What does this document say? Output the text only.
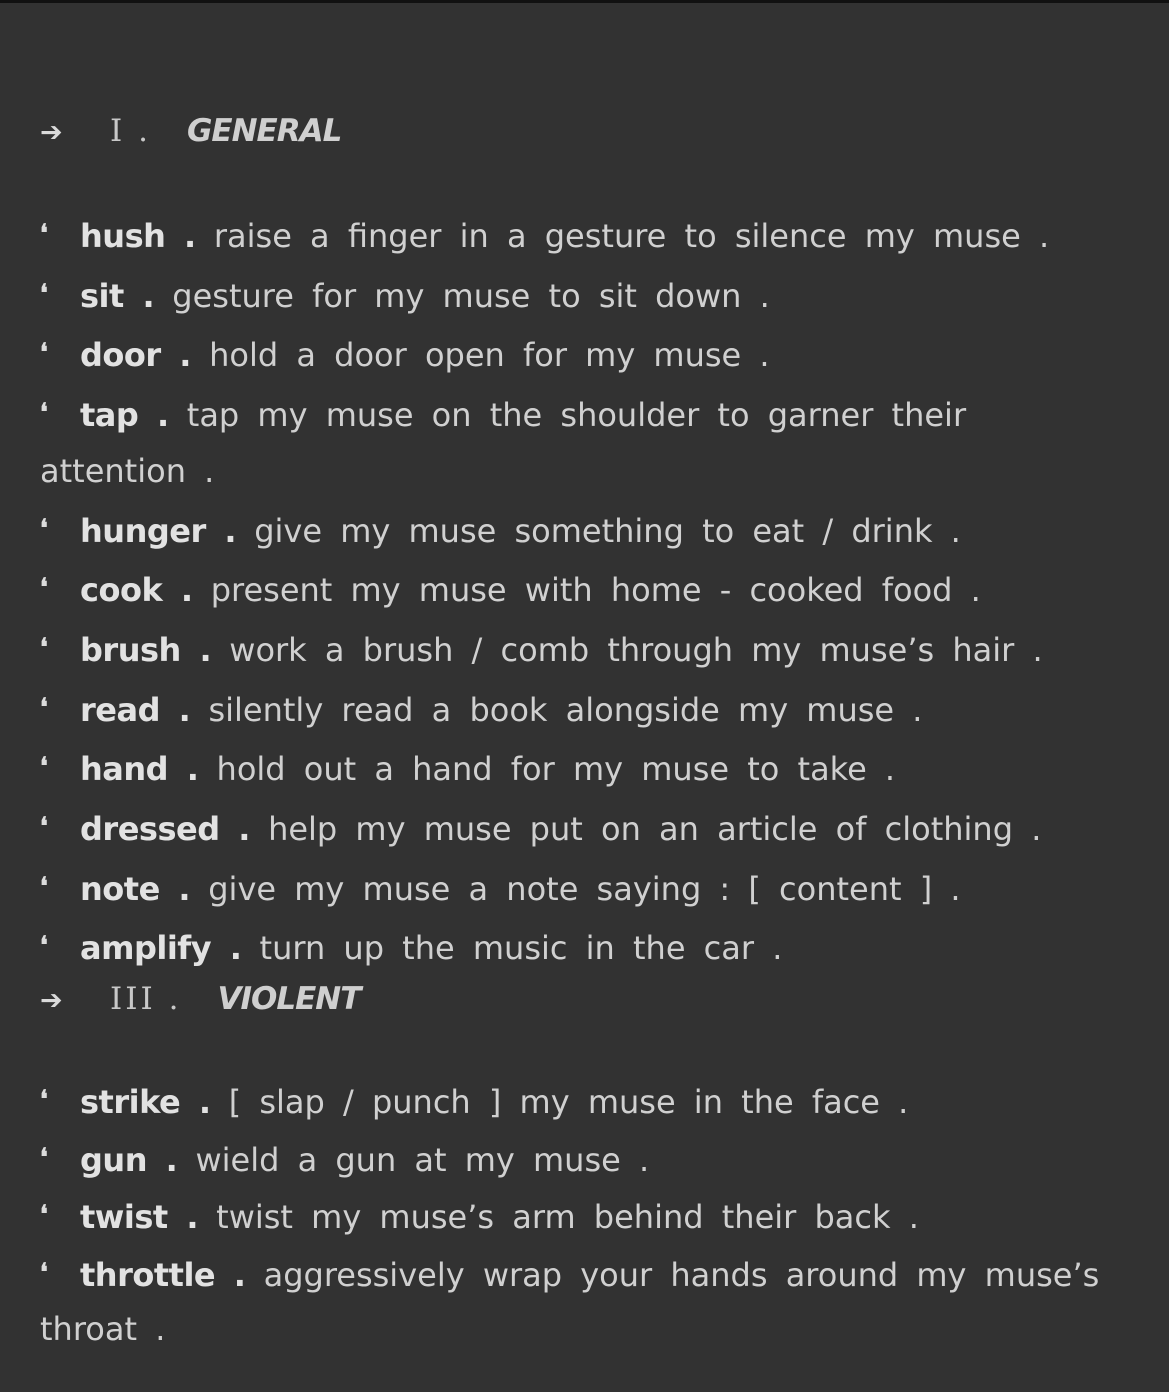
➔	I . GENERAL
❛ hush . raise a finger in a gesture to silence my muse .
❛ sit . gesture for my muse to sit down .
❛ door . hold a door open for my muse .
❛ tap . tap my muse on the shoulder to garner their attention .
❛ hunger . give my muse something to eat / drink .
❛ cook . present my muse with home - cooked food .
❛ brush . work a brush / comb through my muse’s hair .
❛ read . silently read a book alongside my muse .
❛ hand . hold out a hand for my muse to take .
❛ dressed . help my muse put on an article of clothing .
❛ note . give my muse a note saying : [ content ] .
❛ amplify . turn up the music in the car .
➔	III . VIOLENT
❛ strike . [ slap / punch ] my muse in the face .
❛ gun . wield a gun at my muse .
❛ twist . twist my muse’s arm behind their back .
❛ throttle . aggressively wrap your hands around my muse’s throat .
